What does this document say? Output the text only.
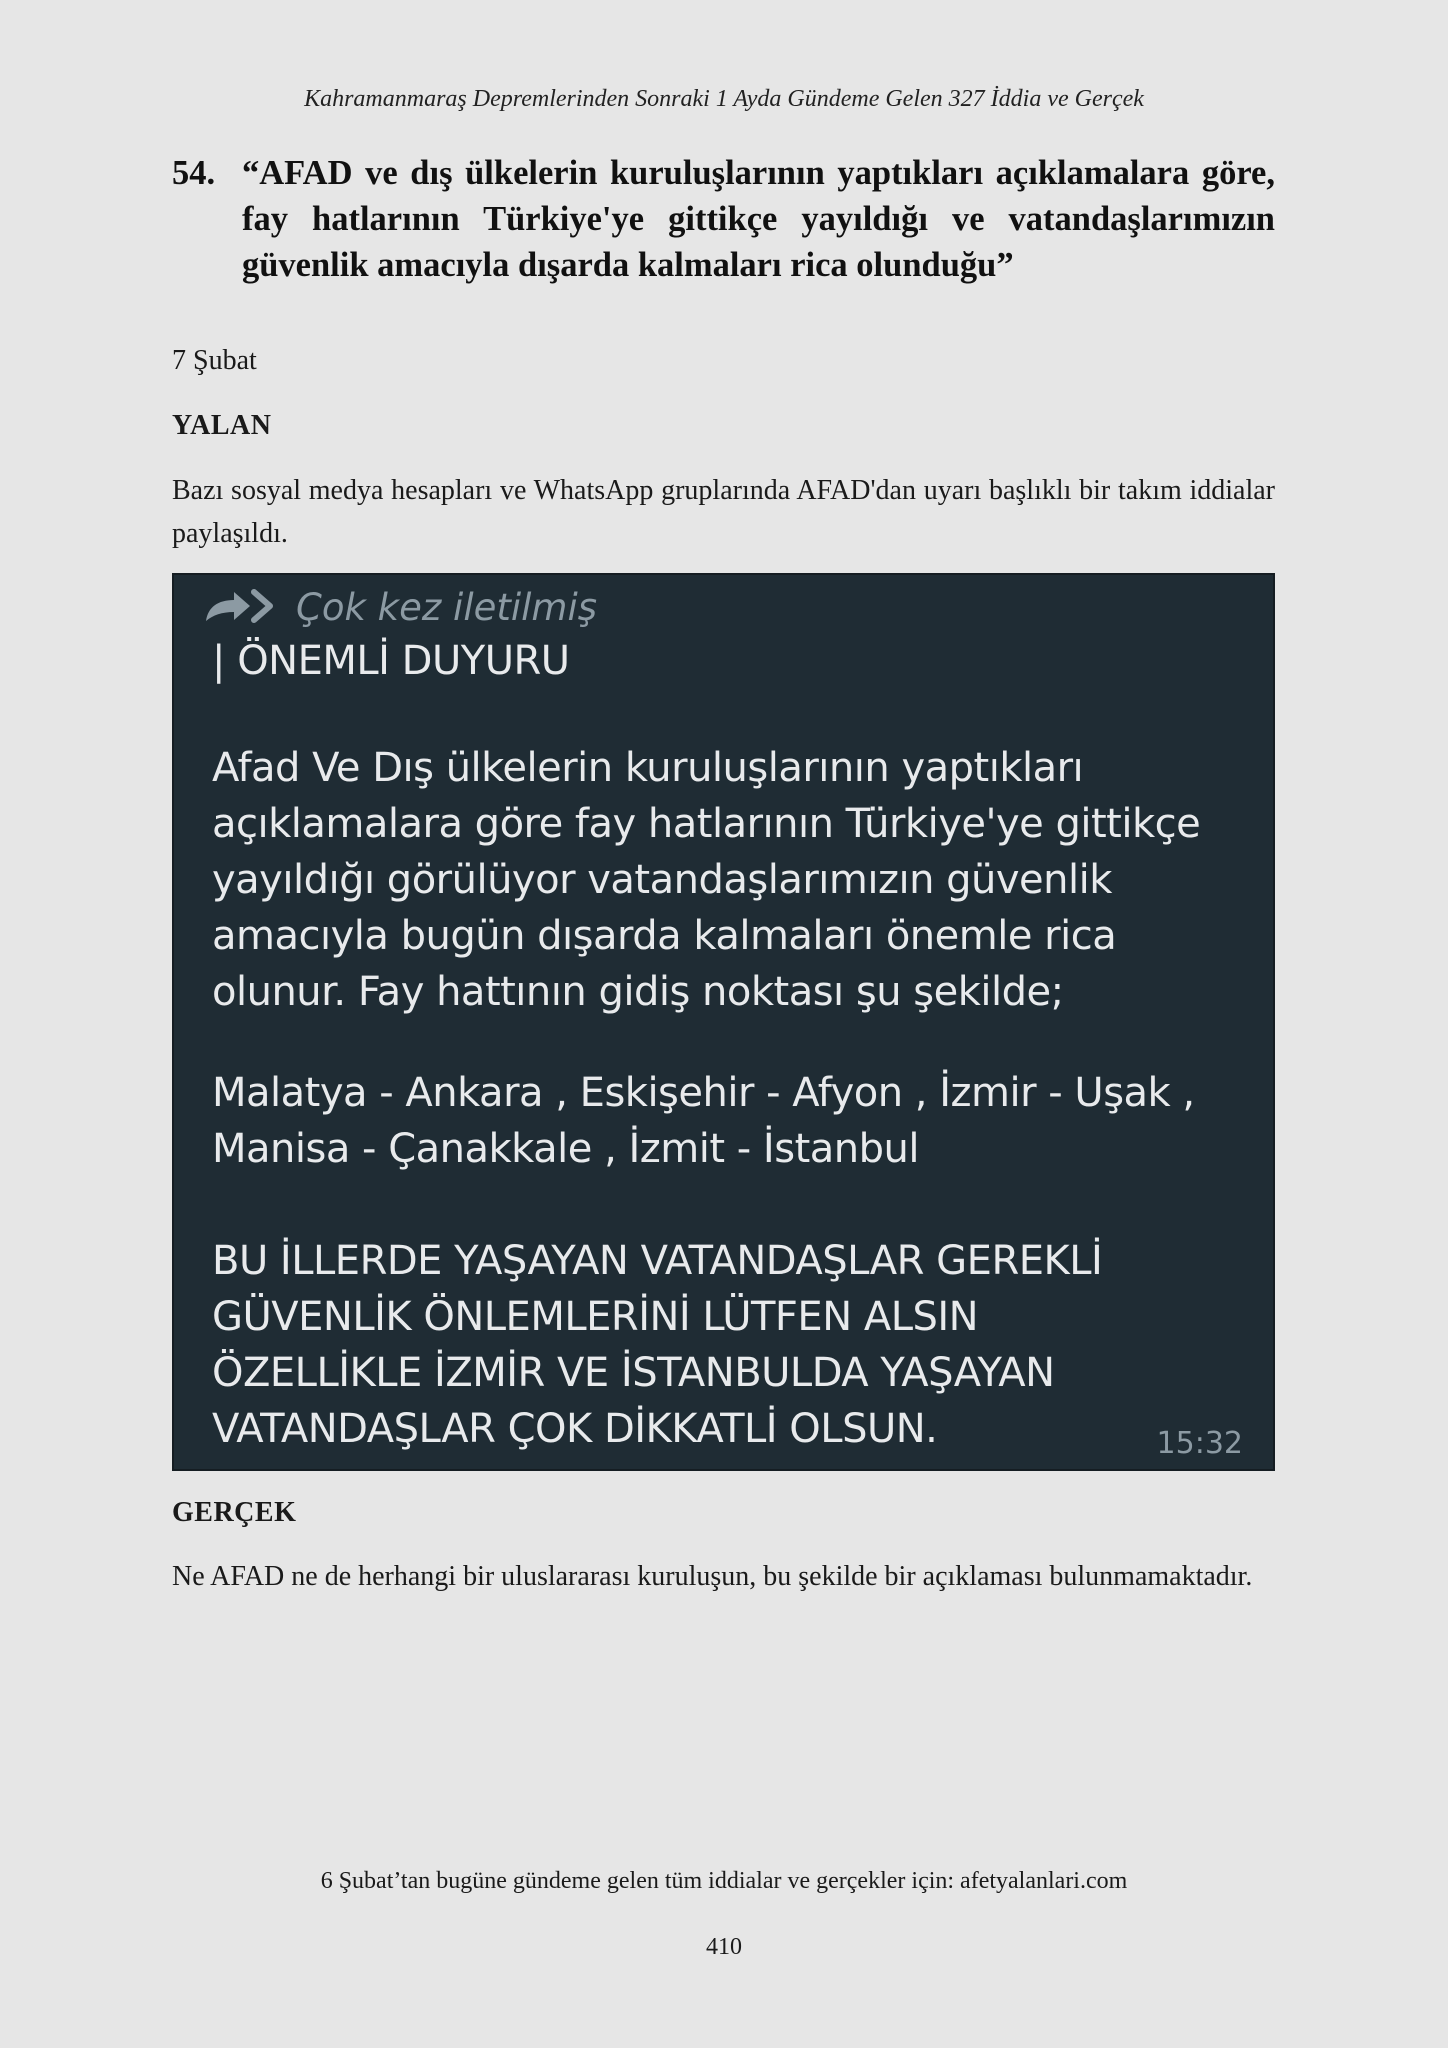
Kahramanmaraş Depremlerinden Sonraki 1 Ayda Gündeme Gelen 327 İddia ve Gerçek
54. “AFAD ve dış ülkelerin kuruluşlarının yaptıkları açıklamalara göre, fay hatlarının Türkiye'ye gittikçe yayıldığı ve vatandaşlarımızın güvenlik amacıyla dışarda kalmaları rica olunduğu”
7 Şubat
YALAN
Bazı sosyal medya hesapları ve WhatsApp gruplarında AFAD'dan uyarı başlıklı bir takım iddialar paylaşıldı.
Çok kez iletilmiş
| ÖNEMLİ DUYURU
Afad Ve Dış ülkelerin kuruluşlarının yaptıkları
açıklamalara göre fay hatlarının Türkiye'ye gittikçe
yayıldığı görülüyor vatandaşlarımızın güvenlik
amacıyla bugün dışarda kalmaları önemle rica
olunur. Fay hattının gidiş noktası şu şekilde;
Malatya - Ankara , Eskişehir - Afyon , İzmir - Uşak ,
Manisa - Çanakkale , İzmit - İstanbul
BU İLLERDE YAŞAYAN VATANDAŞLAR GEREKLİ
GÜVENLİK ÖNLEMLERİNİ LÜTFEN ALSIN
ÖZELLİKLE İZMİR VE İSTANBULDA YAŞAYAN
VATANDAŞLAR ÇOK DİKKATLİ OLSUN.	15:32
GERÇEK
Ne AFAD ne de herhangi bir uluslararası kuruluşun, bu şekilde bir açıklaması bulunmamaktadır.
6 Şubat’tan bugüne gündeme gelen tüm iddialar ve gerçekler için: afetyalanlari.com
410
